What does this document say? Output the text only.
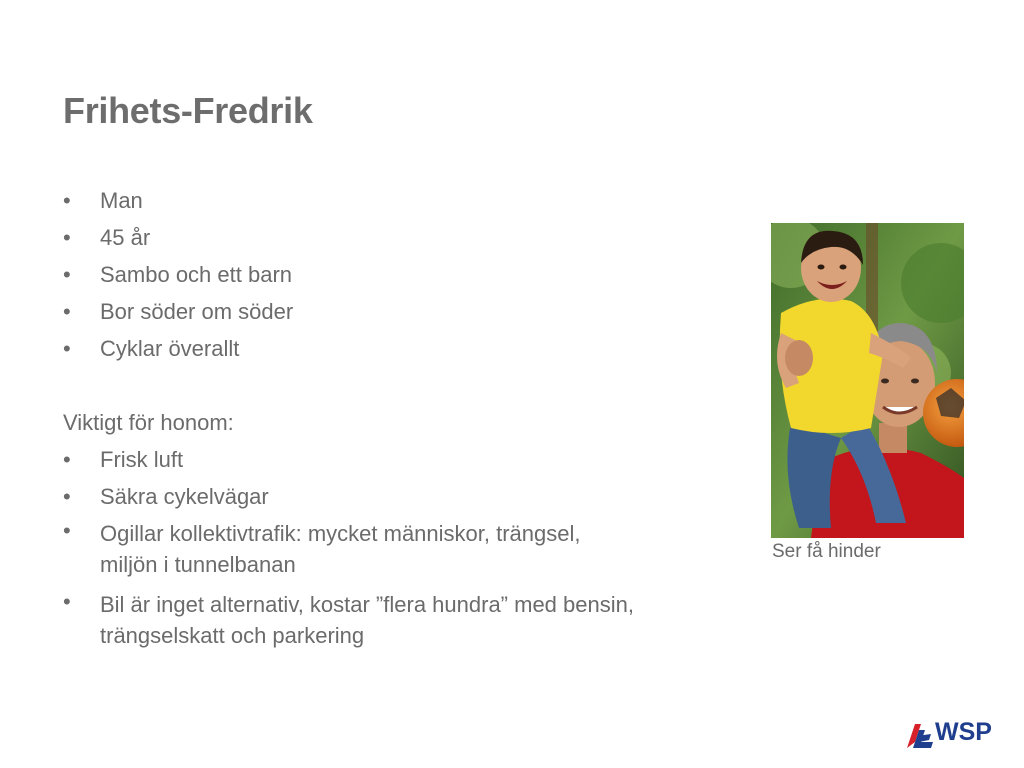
Frihets-Fredrik
•	Man
•	45 år
•	Sambo och ett barn
•	Bor söder om söder
•	Cyklar överallt
Viktigt för honom:
•	Frisk luft
•	Säkra cykelvägar
•	Ogillar kollektivtrafik: mycket människor, trängsel, miljön i tunnelbanan
•	Bil är inget alternativ, kostar ”flera hundra” med bensin, trängselskatt och parkering
Ser få hinder
WSP
